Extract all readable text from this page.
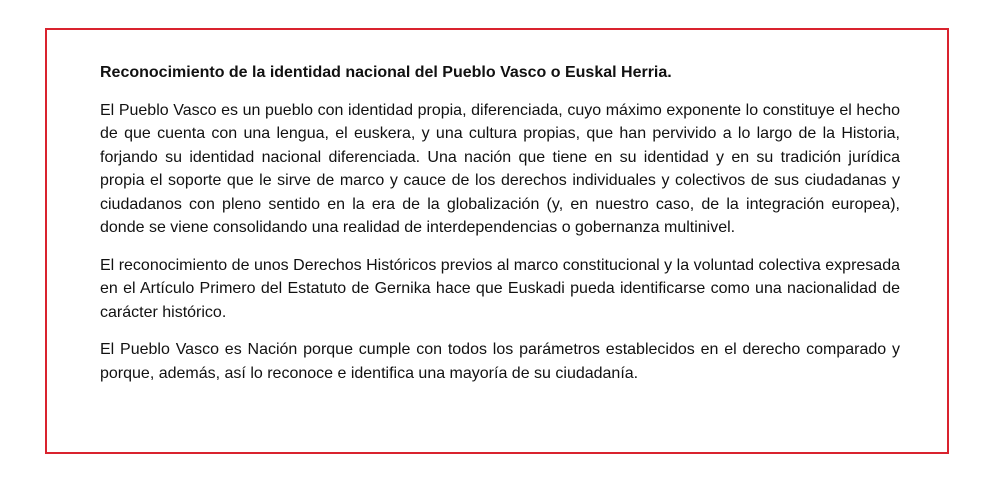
Reconocimiento de la identidad nacional del Pueblo Vasco o Euskal Herria.

El Pueblo Vasco es un pueblo con identidad propia, diferenciada, cuyo máximo exponente lo constituye el hecho de que cuenta con una lengua, el euskera, y una cultura propias, que han pervivido a lo largo de la Historia, forjando su identidad nacional diferenciada. Una nación que tiene en su identidad y en su tradición jurídica propia el soporte que le sirve de marco y cauce de los derechos individuales y colectivos de sus ciudadanas y ciudadanos con pleno sentido en la era de la globalización (y, en nuestro caso, de la integración europea), donde se viene consolidando una realidad de interdependencias o gobernanza multinivel.

El reconocimiento de unos Derechos Históricos previos al marco constitucional y la voluntad colectiva expresada en el Artículo Primero del Estatuto de Gernika hace que Euskadi pueda identificarse como una nacionalidad de carácter histórico.

El Pueblo Vasco es Nación porque cumple con todos los parámetros establecidos en el derecho comparado y porque, además, así lo reconoce e identifica una mayoría de su ciudadanía.
